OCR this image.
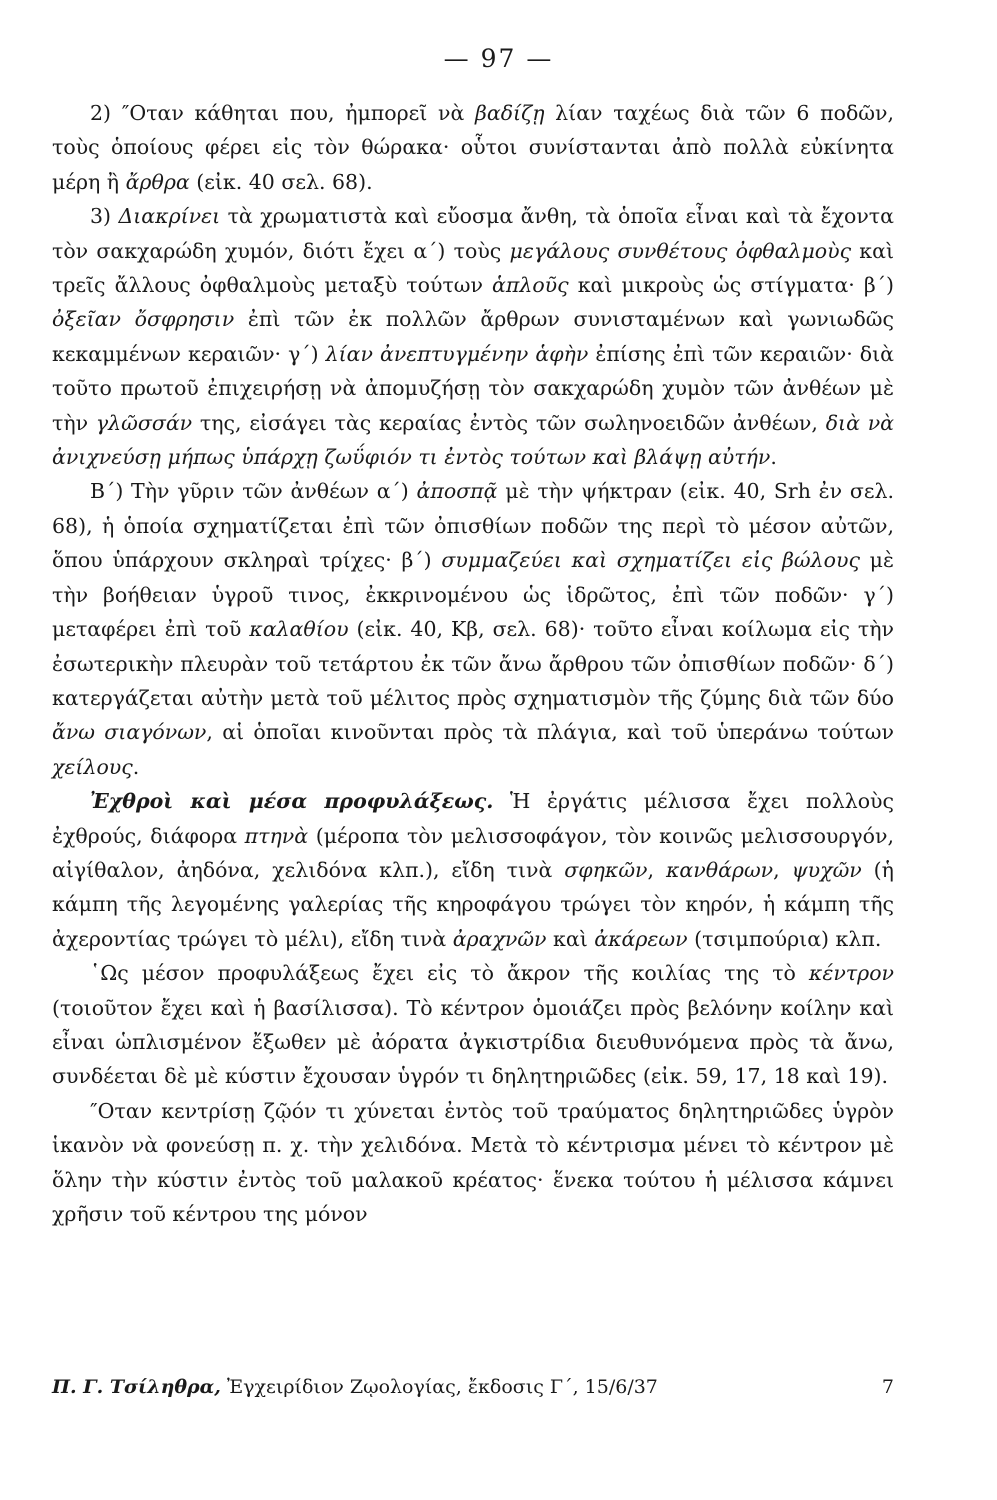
— 97 —

2) ″Οταν κάθηται που, ἠμπορεῖ νὰ βαδίζῃ λίαν ταχέως διὰ τῶν 6 ποδῶν, τοὺς ὁποίους φέρει εἰς τὸν θώρακα· οὗτοι συνίστανται ἀπὸ πολλὰ εὐκίνητα μέρη ἢ ἄρθρα (εἰκ. 40 σελ. 68).

3) Διακρίνει τὰ χρωματιστὰ καὶ εὔοσμα ἄνθη, τὰ ὁποῖα εἶναι καὶ τὰ ἔχοντα τὸν σακχαρώδη χυμόν, διότι ἔχει α΄) τοὺς μεγάλους συνθέτους ὀφθαλμοὺς καὶ τρεῖς ἄλλους ὀφθαλμοὺς μεταξὺ τούτων ἁπλοῦς καὶ μικροὺς ὡς στίγματα· β΄) ὀξεῖαν ὄσφρησιν ἐπὶ τῶν ἐκ πολλῶν ἄρθρων συνισταμένων καὶ γωνιωδῶς κεκαμμένων κεραιῶν· γ΄) λίαν ἀνεπτυγμένην ἁφὴν ἐπίσης ἐπὶ τῶν κεραιῶν· διὰ τοῦτο πρωτοῦ ἐπιχειρήσῃ νὰ ἀπομυζήσῃ τὸν σακχαρώδη χυμὸν τῶν ἀνθέων μὲ τὴν γλῶσσάν της, εἰσάγει τὰς κεραίας ἐντὸς τῶν σωληνοειδῶν ἀνθέων, διὰ νὰ ἀνιχνεύσῃ μήπως ὑπάρχῃ ζωΰφιόν τι ἐντὸς τούτων καὶ βλάψῃ αὐτήν.

Β΄) Τὴν γῦριν τῶν ἀνθέων α΄) ἀποσπᾷ μὲ τὴν ψήκτραν (εἰκ. 40, Srh ἐν σελ. 68), ἡ ὁποία σχηματίζεται ἐπὶ τῶν ὀπισθίων ποδῶν της περὶ τὸ μέσον αὐτῶν, ὅπου ὑπάρχουν σκληραὶ τρίχες· β΄) συμμαζεύει καὶ σχηματίζει εἰς βώλους μὲ τὴν βοήθειαν ὑγροῦ τινος, ἐκκρινομένου ὡς ἱδρῶτος, ἐπὶ τῶν ποδῶν· γ΄) μεταφέρει ἐπὶ τοῦ καλαθίου (εἰκ. 40, Κβ, σελ. 68)· τοῦτο εἶναι κοίλωμα εἰς τὴν ἐσωτερικὴν πλευρὰν τοῦ τετάρτου ἐκ τῶν ἄνω ἄρθρου τῶν ὀπισθίων ποδῶν· δ΄) κατεργάζεται αὐτὴν μετὰ τοῦ μέλιτος πρὸς σχηματισμὸν τῆς ζύμης διὰ τῶν δύο ἄνω σιαγόνων, αἱ ὁποῖαι κινοῦνται πρὸς τὰ πλάγια, καὶ τοῦ ὑπεράνω τούτων χείλους.

Ἐχθροὶ καὶ μέσα προφυλάξεως. Ἡ ἐργάτις μέλισσα ἔχει πολλοὺς ἐχθρούς, διάφορα πτηνὰ (μέροπα τὸν μελισσοφάγον, τὸν κοινῶς μελισσουργόν, αἰγίθαλον, ἀηδόνα, χελιδόνα κλπ.), εἴδη τινὰ σφηκῶν, κανθάρων, ψυχῶν (ἡ κάμπη τῆς λεγομένης γαλερίας τῆς κηροφάγου τρώγει τὸν κηρόν, ἡ κάμπη τῆς ἀχεροντίας τρώγει τὸ μέλι), εἴδη τινὰ ἀραχνῶν καὶ ἀκάρεων (τσιμπούρια) κλπ.

῾Ως μέσον προφυλάξεως ἔχει εἰς τὸ ἄκρον τῆς κοιλίας της τὸ κέντρον (τοιοῦτον ἔχει καὶ ἡ βασίλισσα). Τὸ κέντρον ὁμοιάζει πρὸς βελόνην κοίλην καὶ εἶναι ὡπλισμένον ἔξωθεν μὲ ἀόρατα ἀγκιστρίδια διευθυνόμενα πρὸς τὰ ἄνω, συνδέεται δὲ μὲ κύστιν ἔχουσαν ὑγρόν τι δηλητηριῶδες (εἰκ. 59, 17, 18 καὶ 19).

″Οταν κεντρίσῃ ζῷόν τι χύνεται ἐντὸς τοῦ τραύματος δηλητηριῶδες ὑγρὸν ἱκανὸν νὰ φονεύσῃ π. χ. τὴν χελιδόνα. Μετὰ τὸ κέντρισμα μένει τὸ κέντρον μὲ ὅλην τὴν κύστιν ἐντὸς τοῦ μαλακοῦ κρέατος· ἕνεκα τούτου ἡ μέλισσα κάμνει χρῆσιν τοῦ κέντρου της μόνον

Π. Γ. Τσίληθρα, Ἐγχειρίδιον Ζῳολογίας, ἔκδοσις Γ΄, 15/6/37	7
